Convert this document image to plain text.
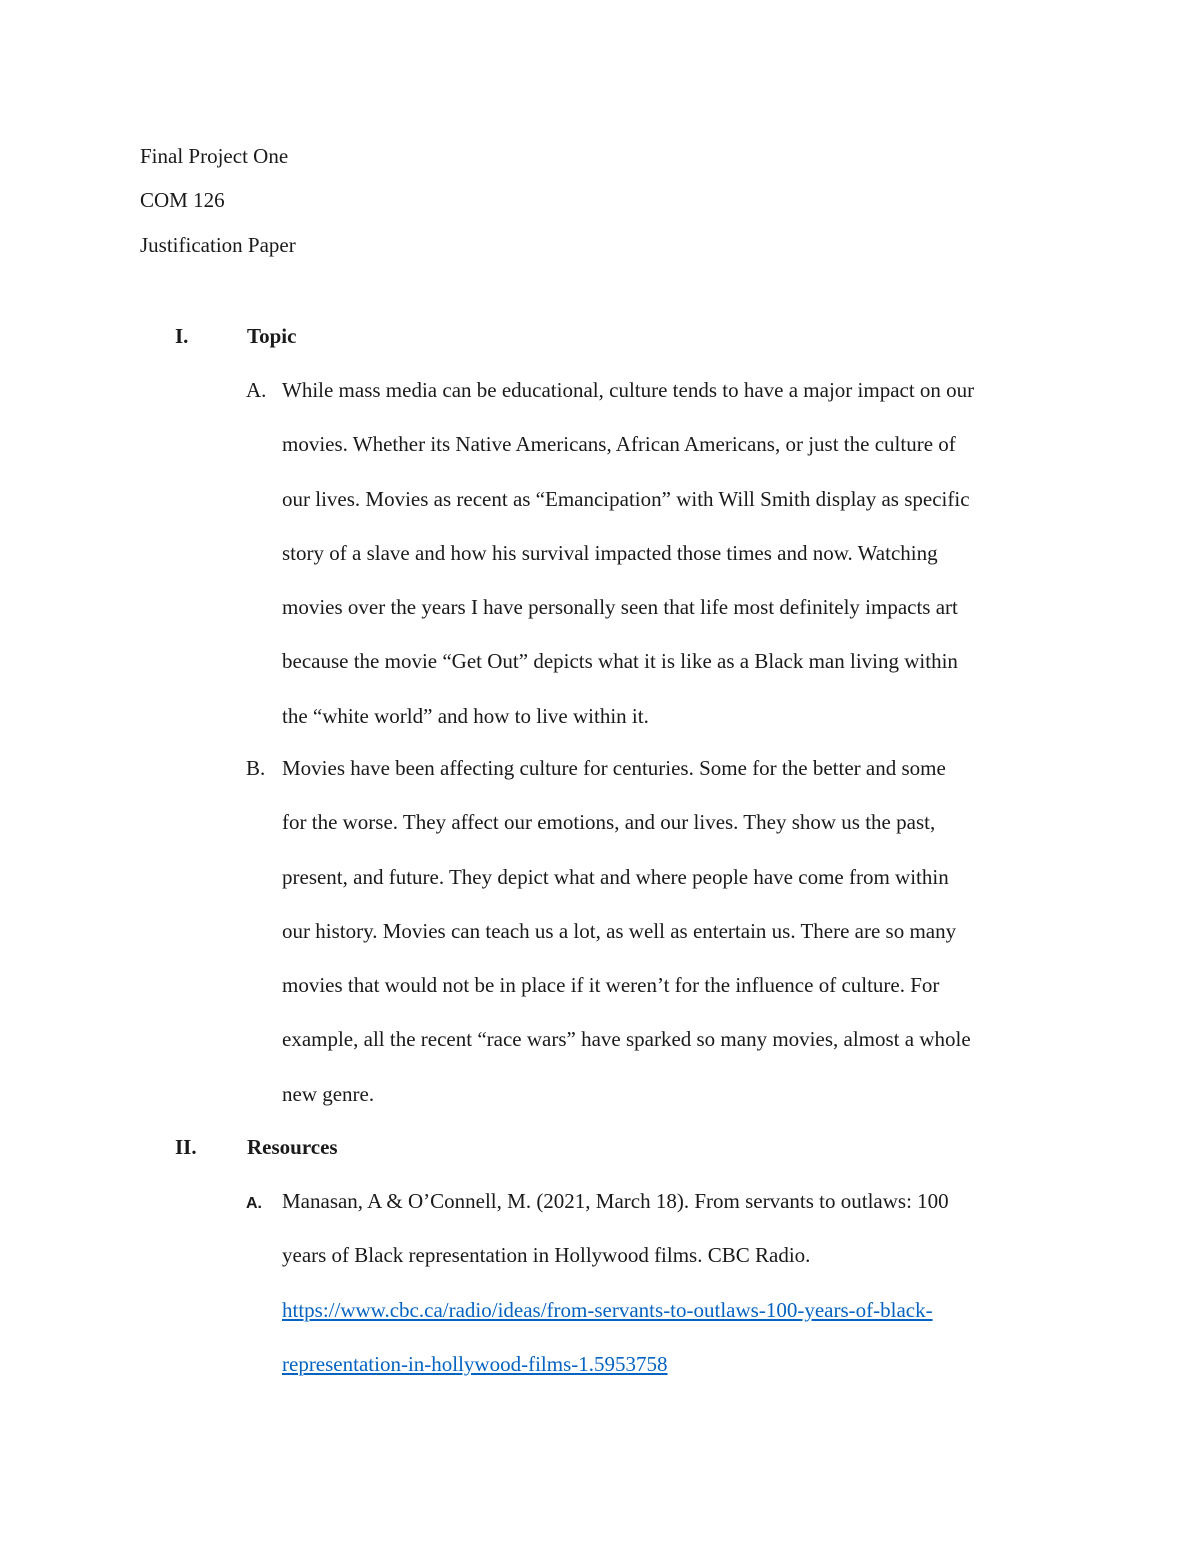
Final Project One
COM 126
Justification Paper
I.	Topic
A. While mass media can be educational, culture tends to have a major impact on our
movies. Whether its Native Americans, African Americans, or just the culture of
our lives. Movies as recent as “Emancipation” with Will Smith display as specific
story of a slave and how his survival impacted those times and now. Watching
movies over the years I have personally seen that life most definitely impacts art
because the movie “Get Out” depicts what it is like as a Black man living within
the “white world” and how to live within it.
B. Movies have been affecting culture for centuries. Some for the better and some
for the worse. They affect our emotions, and our lives. They show us the past,
present, and future. They depict what and where people have come from within
our history. Movies can teach us a lot, as well as entertain us. There are so many
movies that would not be in place if it weren’t for the influence of culture. For
example, all the recent “race wars” have sparked so many movies, almost a whole
new genre.
II. Resources
A. Manasan, A & O’Connell, M. (2021, March 18). From servants to outlaws: 100
years of Black representation in Hollywood films. CBC Radio.
https://www.cbc.ca/radio/ideas/from-servants-to-outlaws-100-years-of-black-
representation-in-hollywood-films-1.5953758
